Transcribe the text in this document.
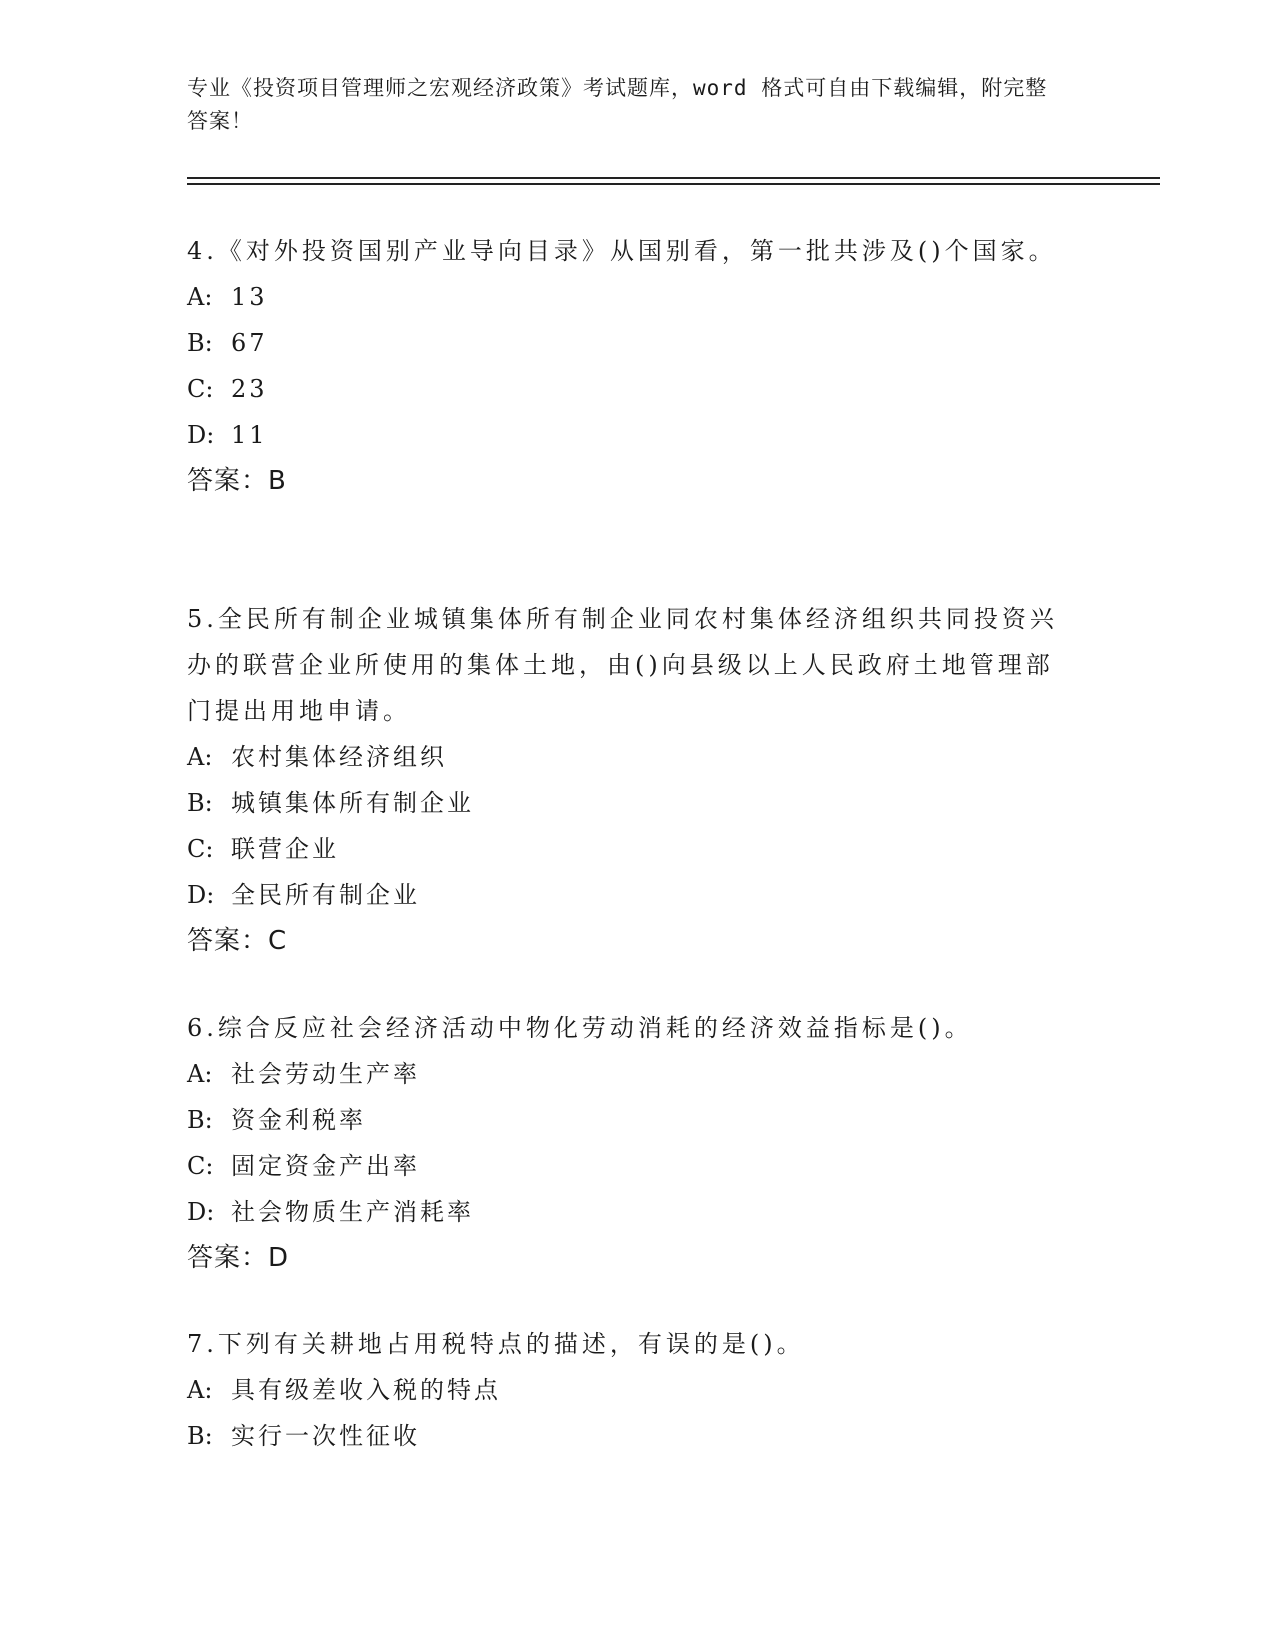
专业《投资项目管理师之宏观经济政策》考试题库，word 格式可自由下载编辑，附完整答案！
4.《对外投资国别产业导向目录》从国别看，第一批共涉及()个国家。
A: 13
B: 67
C: 23
D: 11
答案：B
5.全民所有制企业城镇集体所有制企业同农村集体经济组织共同投资兴办的联营企业所使用的集体土地，由()向县级以上人民政府土地管理部门提出用地申请。
A: 农村集体经济组织
B: 城镇集体所有制企业
C: 联营企业
D: 全民所有制企业
答案：C
6.综合反应社会经济活动中物化劳动消耗的经济效益指标是()。
A: 社会劳动生产率
B: 资金利税率
C: 固定资金产出率
D: 社会物质生产消耗率
答案：D
7.下列有关耕地占用税特点的描述，有误的是()。
A: 具有级差收入税的特点
B: 实行一次性征收
